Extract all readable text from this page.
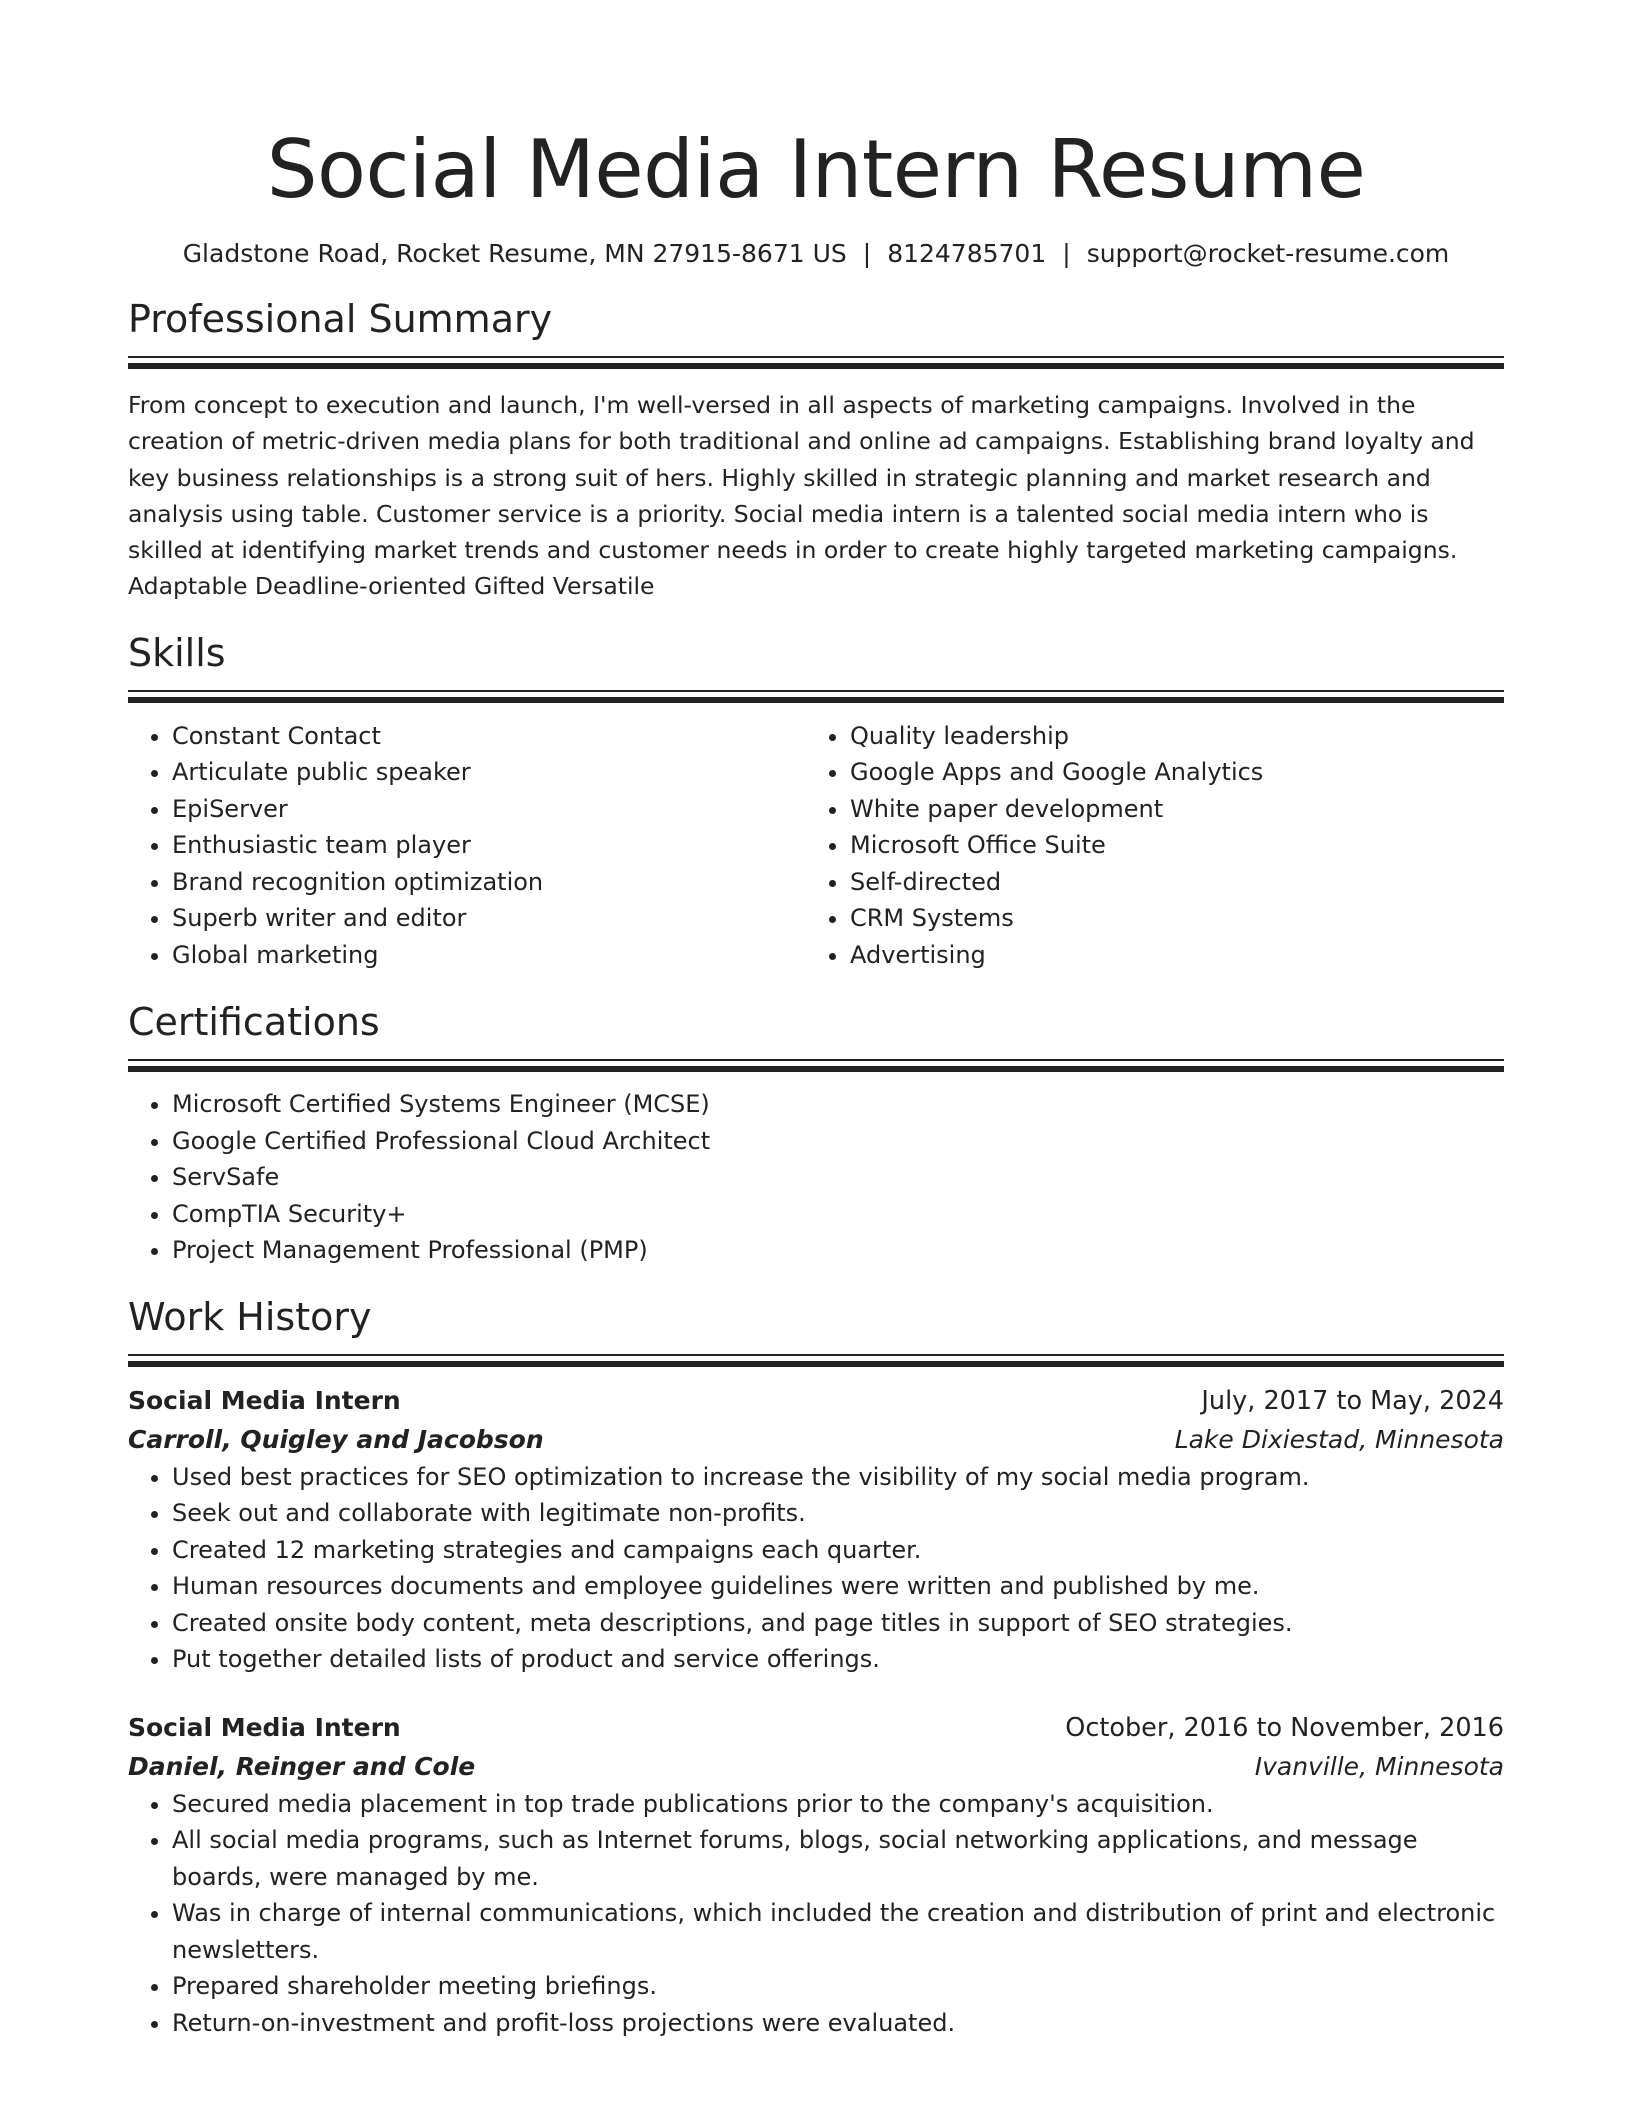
Social Media Intern Resume
Gladstone Road, Rocket Resume, MN 27915-8671 US | 8124785701 | support@rocket-resume.com
Professional Summary

From concept to execution and launch, I'm well-versed in all aspects of marketing campaigns. Involved in the creation of metric-driven media plans for both traditional and online ad campaigns. Establishing brand loyalty and key business relationships is a strong suit of hers. Highly skilled in strategic planning and market research and analysis using table. Customer service is a priority. Social media intern is a talented social media intern who is skilled at identifying market trends and customer needs in order to create highly targeted marketing campaigns. Adaptable Deadline-oriented Gifted Versatile

Skills
• Constant Contact
• Articulate public speaker
• EpiServer
• Enthusiastic team player
• Brand recognition optimization
• Superb writer and editor
• Global marketing
• Quality leadership
• Google Apps and Google Analytics
• White paper development
• Microsoft Office Suite
• Self-directed
• CRM Systems
• Advertising
Certifications
• Microsoft Certified Systems Engineer (MCSE)
• Google Certified Professional Cloud Architect
• ServSafe
• CompTIA Security+
• Project Management Professional (PMP)
Work History
Social Media Intern	July, 2017 to May, 2024
Carroll, Quigley and Jacobson	Lake Dixiestad, Minnesota
• Used best practices for SEO optimization to increase the visibility of my social media program.
• Seek out and collaborate with legitimate non-profits.
• Created 12 marketing strategies and campaigns each quarter.
• Human resources documents and employee guidelines were written and published by me.
• Created onsite body content, meta descriptions, and page titles in support of SEO strategies.
• Put together detailed lists of product and service offerings.
Social Media Intern	October, 2016 to November, 2016
Daniel, Reinger and Cole	Ivanville, Minnesota
• Secured media placement in top trade publications prior to the company's acquisition.
• All social media programs, such as Internet forums, blogs, social networking applications, and message boards, were managed by me.
• Was in charge of internal communications, which included the creation and distribution of print and electronic newsletters.
• Prepared shareholder meeting briefings.
• Return-on-investment and profit-loss projections were evaluated.
